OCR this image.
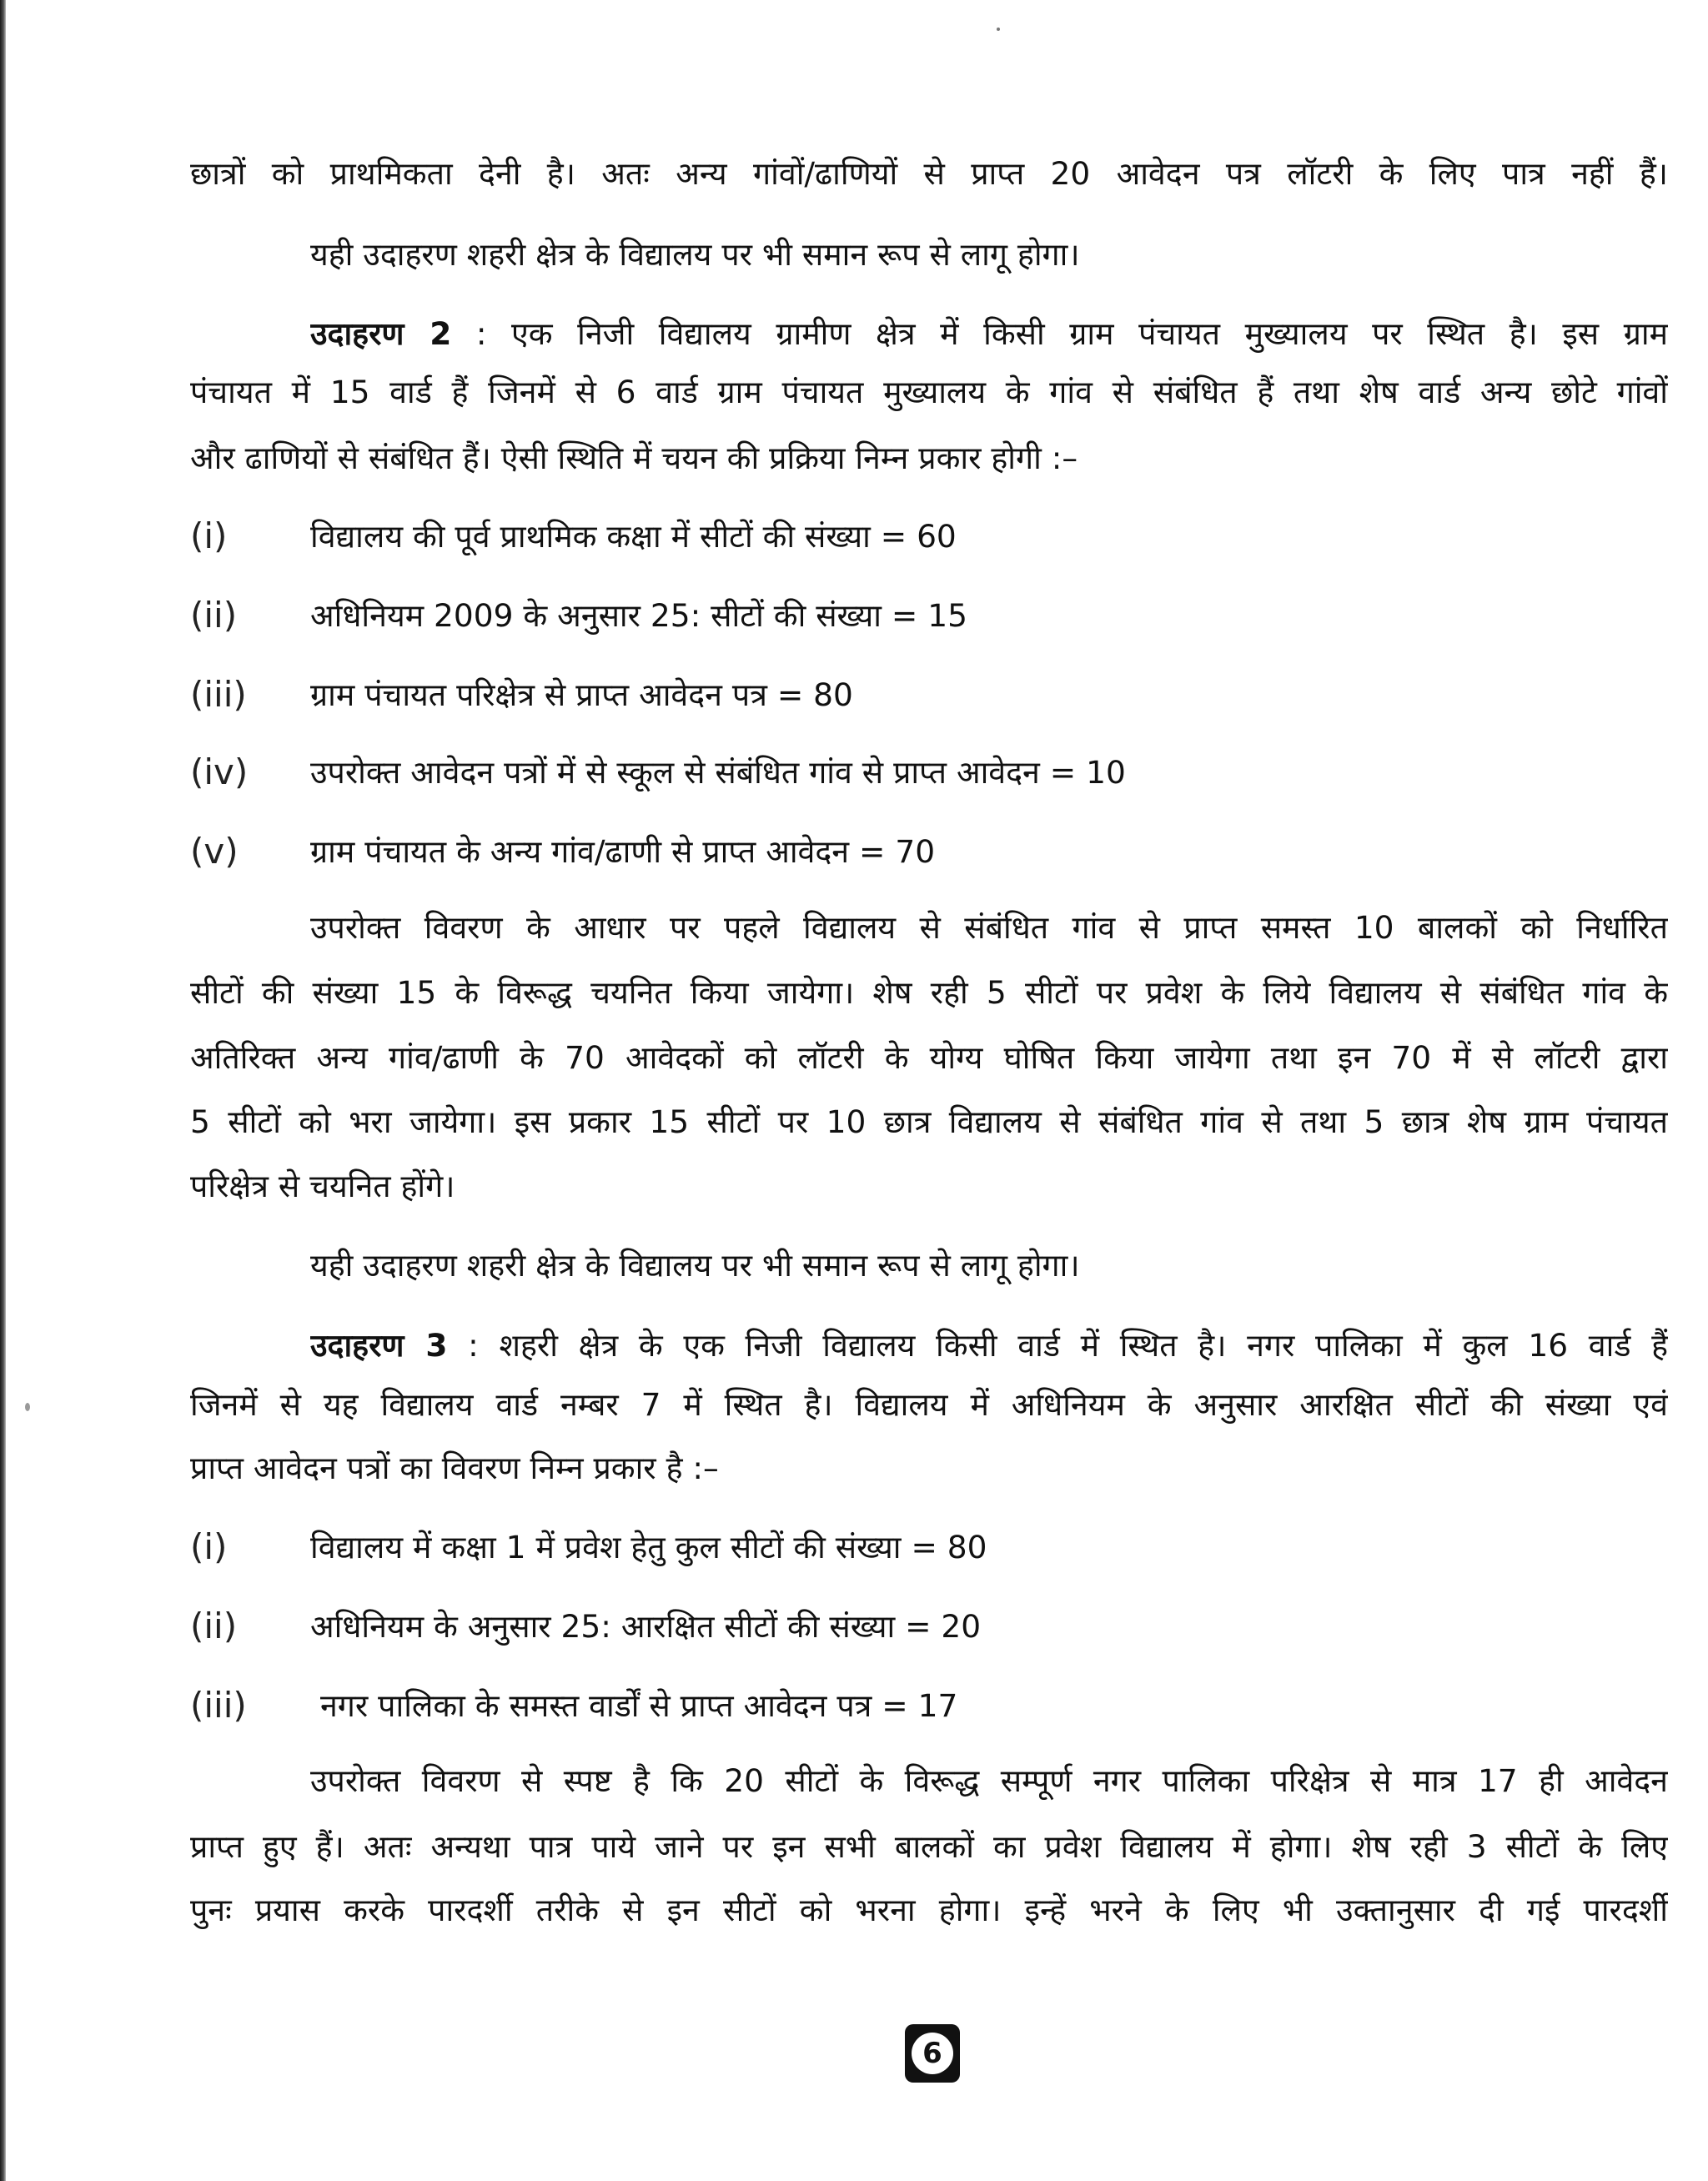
छात्रों को प्राथमिकता देनी है। अतः अन्य गांवों/ढाणियों से प्राप्त 20 आवेदन पत्र लॉटरी के लिए पात्र नहीं हैं।
यही उदाहरण शहरी क्षेत्र के विद्यालय पर भी समान रूप से लागू होगा।
उदाहरण 2 : एक निजी विद्यालय ग्रामीण क्षेत्र में किसी ग्राम पंचायत मुख्यालय पर स्थित है। इस ग्राम
पंचायत में 15 वार्ड हैं जिनमें से 6 वार्ड ग्राम पंचायत मुख्यालय के गांव से संबंधित हैं तथा शेष वार्ड अन्य छोटे गांवों
और ढाणियों से संबंधित हैं। ऐसी स्थिति में चयन की प्रक्रिया निम्न प्रकार होगी :–
(i)	विद्यालय की पूर्व प्राथमिक कक्षा में सीटों की संख्या = 60
(ii)	अधिनियम 2009 के अनुसार 25: सीटों की संख्या = 15
(iii)	ग्राम पंचायत परिक्षेत्र से प्राप्त आवेदन पत्र = 80
(iv)	उपरोक्त आवेदन पत्रों में से स्कूल से संबंधित गांव से प्राप्त आवेदन = 10
(v)	ग्राम पंचायत के अन्य गांव/ढाणी से प्राप्त आवेदन = 70
उपरोक्त विवरण के आधार पर पहले विद्यालय से संबंधित गांव से प्राप्त समस्त 10 बालकों को निर्धारित
सीटों की संख्या 15 के विरूद्ध चयनित किया जायेगा। शेष रही 5 सीटों पर प्रवेश के लिये विद्यालय से संबंधित गांव के
अतिरिक्त अन्य गांव/ढाणी के 70 आवेदकों को लॉटरी के योग्य घोषित किया जायेगा तथा इन 70 में से लॉटरी द्वारा
5 सीटों को भरा जायेगा। इस प्रकार 15 सीटों पर 10 छात्र विद्यालय से संबंधित गांव से तथा 5 छात्र शेष ग्राम पंचायत
परिक्षेत्र से चयनित होंगे।
यही उदाहरण शहरी क्षेत्र के विद्यालय पर भी समान रूप से लागू होगा।
उदाहरण 3 : शहरी क्षेत्र के एक निजी विद्यालय किसी वार्ड में स्थित है। नगर पालिका में कुल 16 वार्ड हैं
जिनमें से यह विद्यालय वार्ड नम्बर 7 में स्थित है। विद्यालय में अधिनियम के अनुसार आरक्षित सीटों की संख्या एवं
प्राप्त आवेदन पत्रों का विवरण निम्न प्रकार है :–
(i)	विद्यालय में कक्षा 1 में प्रवेश हेतु कुल सीटों की संख्या = 80
(ii)	अधिनियम के अनुसार 25: आरक्षित सीटों की संख्या = 20
(iii)	नगर पालिका के समस्त वार्डों से प्राप्त आवेदन पत्र = 17
उपरोक्त विवरण से स्पष्ट है कि 20 सीटों के विरूद्ध सम्पूर्ण नगर पालिका परिक्षेत्र से मात्र 17 ही आवेदन
प्राप्त हुए हैं। अतः अन्यथा पात्र पाये जाने पर इन सभी बालकों का प्रवेश विद्यालय में होगा। शेष रही 3 सीटों के लिए
पुनः प्रयास करके पारदर्शी तरीके से इन सीटों को भरना होगा। इन्हें भरने के लिए भी उक्तानुसार दी गई पारदर्शी
6
